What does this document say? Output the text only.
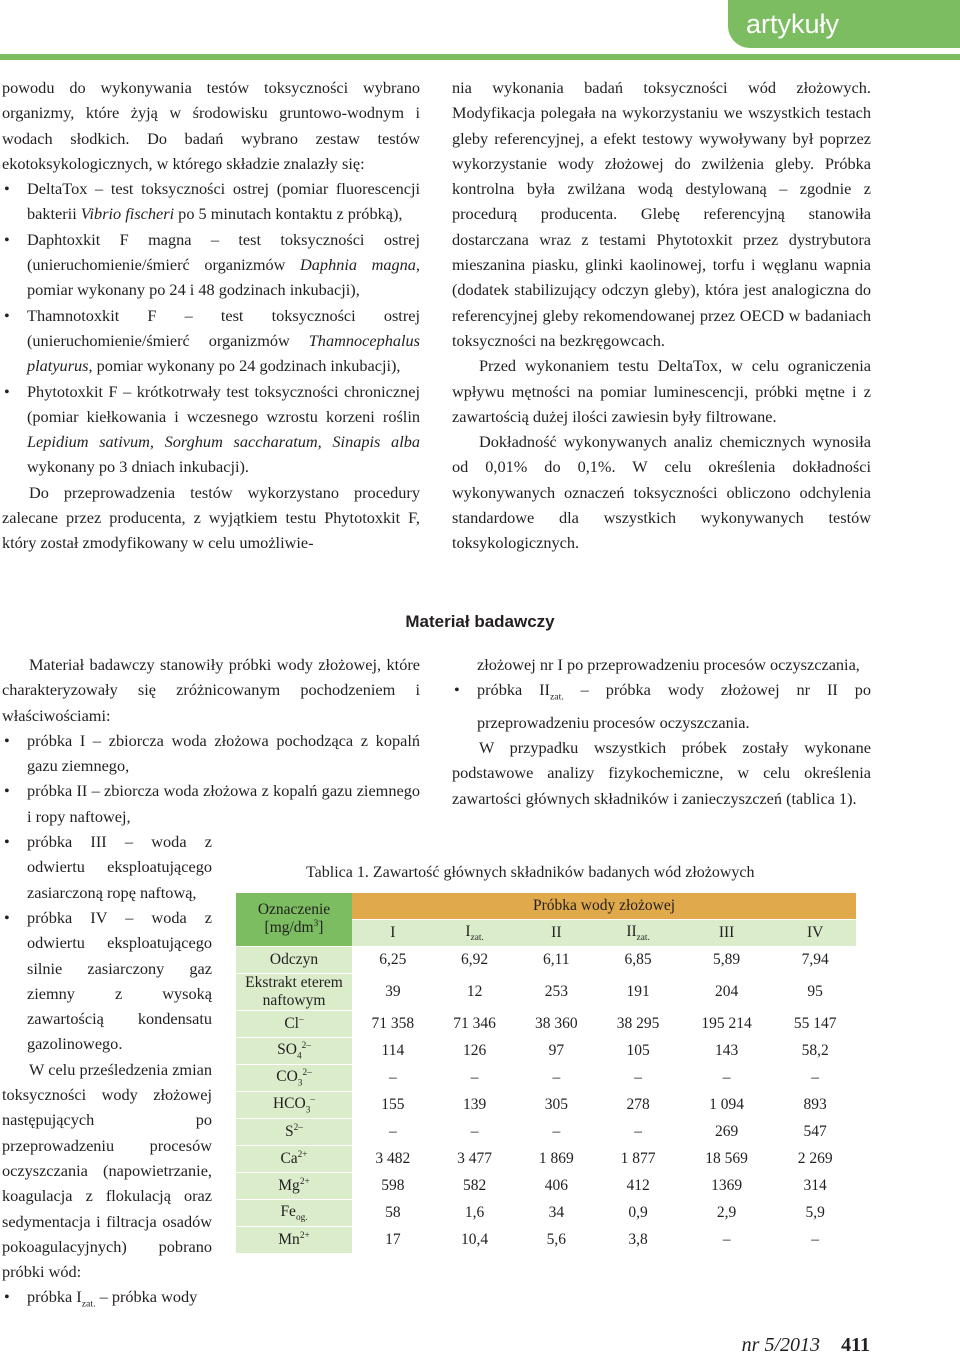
artykuły

powodu do wykonywania testów toksyczności wybrano organizmy, które żyją w środowisku gruntowo-wodnym i wodach słodkich. Do badań wybrano zestaw testów ekotoksykologicznych, w którego składzie znalazły się:

• DeltaTox – test toksyczności ostrej (pomiar fluorescencji bakterii Vibrio fischeri po 5 minutach kontaktu z próbką),
• Daphtoxkit F magna – test toksyczności ostrej (unieruchomienie/śmierć organizmów Daphnia magna, pomiar wykonany po 24 i 48 godzinach inkubacji),
• Thamnotoxkit F – test toksyczności ostrej (unieruchomienie/śmierć organizmów Thamnocephalus platyurus, pomiar wykonany po 24 godzinach inkubacji),
• Phytotoxkit F – krótkotrwały test toksyczności chronicznej (pomiar kiełkowania i wczesnego wzrostu korzeni roślin Lepidium sativum, Sorghum saccharatum, Sinapis alba wykonany po 3 dniach inkubacji).

Do przeprowadzenia testów wykorzystano procedury zalecane przez producenta, z wyjątkiem testu Phytotoxkit F, który został zmodyfikowany w celu umożliwie-

nia wykonania badań toksyczności wód złożowych. Modyfikacja polegała na wykorzystaniu we wszystkich testach gleby referencyjnej, a efekt testowy wywoływany był poprzez wykorzystanie wody złożowej do zwilżenia gleby. Próbka kontrolna była zwilżana wodą destylowaną – zgodnie z procedurą producenta. Glebę referencyjną stanowiła dostarczana wraz z testami Phytotoxkit przez dystrybutora mieszanina piasku, glinki kaolinowej, torfu i węglanu wapnia (dodatek stabilizujący odczyn gleby), która jest analogiczna do referencyjnej gleby rekomendowanej przez OECD w badaniach toksyczności na bezkręgowcach.

Przed wykonaniem testu DeltaTox, w celu ograniczenia wpływu mętności na pomiar luminescencji, próbki mętne i z zawartością dużej ilości zawiesin były filtrowane.

Dokładność wykonywanych analiz chemicznych wynosiła od 0,01% do 0,1%. W celu określenia dokładności wykonywanych oznaczeń toksyczności obliczono odchylenia standardowe dla wszystkich wykonywanych testów toksykologicznych.

Materiał badawczy

Materiał badawczy stanowiły próbki wody złożowej, które charakteryzowały się zróżnicowanym pochodzeniem i właściwościami:

• próbka I – zbiorcza woda złożowa pochodząca z kopalń gazu ziemnego,
• próbka II – zbiorcza woda złożowa z kopalń gazu ziemnego i ropy naftowej,
• próbka III – woda z odwiertu eksploatującego zasiarczoną ropę naftową,
• próbka IV – woda z odwiertu eksploatującego silnie zasiarczony gaz ziemny z wysoką zawartością kondensatu gazolinowego.

W celu prześledzenia zmian toksyczności wody złożowej następujących po przeprowadzeniu procesów oczyszczania (napowietrzanie, koagulacja z flokulacją oraz sedymentacja i filtracja osadów pokoagulacyjnych) pobrano próbki wód:

• próbka $I_{zat.}$ – próbka wody

złożowej nr I po przeprowadzeniu procesów oczyszczania,

• próbka $II_{zat.}$ – próbka wody złożowej nr II po przeprowadzeniu procesów oczyszczania.

W przypadku wszystkich próbek zostały wykonane podstawowe analizy fizykochemiczne, w celu określenia zawartości głównych składników i zanieczyszczeń (tablica 1).

Tablica 1. Zawartość głównych składników badanych wód złożowych
Oznaczenie
$[mg/dm^3]$	Próbka wody złożowej					
	I	$I_{zat.}$	II	$II_{zat.}$	III	IV
Odczyn	6,25	6,92	6,11	6,85	5,89	7,94
Ekstrakt eterem naftowym	39	12	253	191	204	95
Cl–	71 358	71 346	38 360	38 295	195 214	55 147
$SO_4^{2-}$	114	126	97	105	143	58,2
$CO_3^{2-}$	–	–	–	–	–	–
$HCO_3^-$	155	139	305	278	1 094	893
$S^{2-}$	–	–	–	–	269	547
$Ca^{2+}$	3 482	3 477	1 869	1 877	18 569	2 269
$Mg^{2+}$	598	582	406	412	1369	314
$Fe_{og.}$	58	1,6	34	0,9	2,9	5,9
$Mn^{2+}$	17	10,4	5,6	3,8	–	–
nr 5/2013 411
